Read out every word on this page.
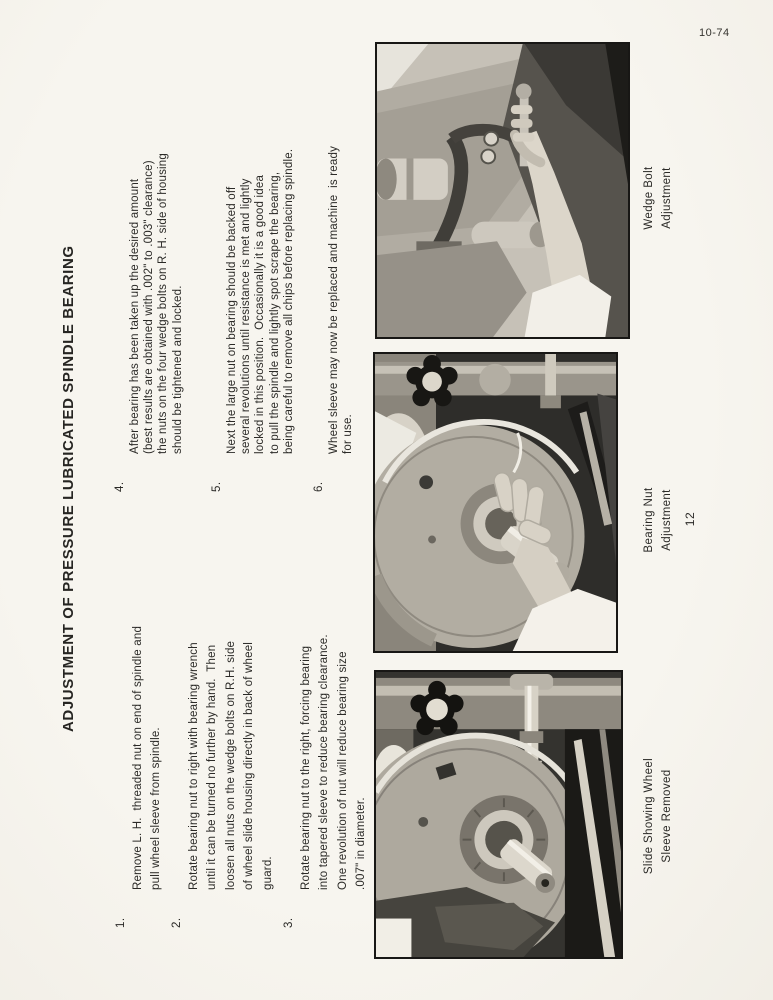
10-74
ADJUSTMENT OF PRESSURE LUBRICATED SPINDLE BEARING
1.
Remove L. H.  threaded nut on end of spindle and pull wheel sleeve from spindle.
2.
Rotate bearing nut to right with bearing wrench until it can be turned no further by hand.  Then loosen all nuts on the wedge bolts on R.H. side of wheel slide housing directly in back of wheel guard.
3.
Rotate bearing nut to the right, forcing bearing into tapered sleeve to reduce bearing clearance. One revolution of nut will reduce bearing size .007" in diameter.
4.
After bearing has been taken up the desired amount (best results are obtained with .002" to .003" clearance) the nuts on the four wedge bolts on R. H. side of housing should be tightened and locked.
5.
Next the large nut on bearing should be backed off several revolutions until resistance is met and lightly locked in this position.  Occasionally it is a good idea to pull the spindle and lightly spot scrape the bearing, being careful to remove all chips before replacing spindle.
6.
Wheel sleeve may now be replaced and machine  is ready for use.
Slide Showing Wheel Sleeve Removed
Bearing Nut Adjustment
Wedge Bolt Adjustment
12
